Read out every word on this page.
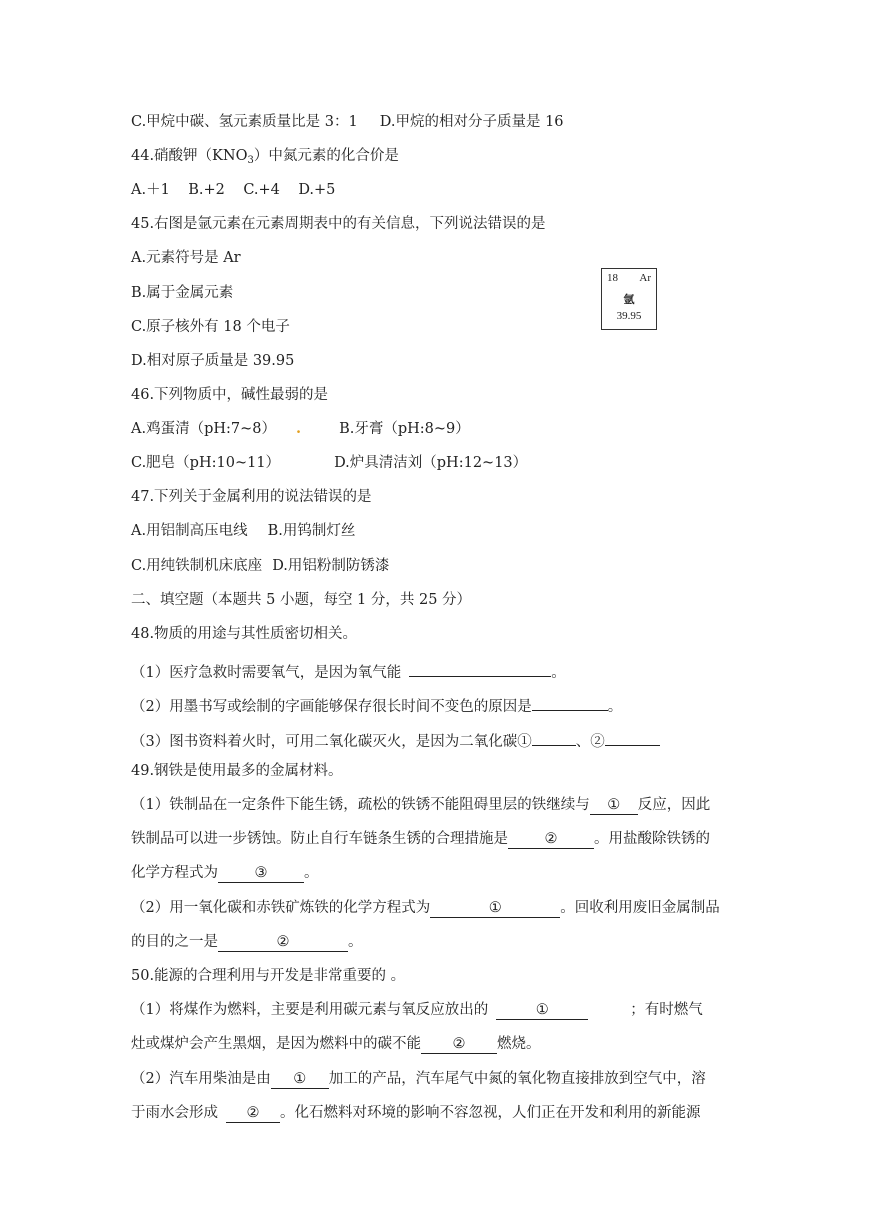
C.甲烷中碳、氢元素质量比是 3：1 D.甲烷的相对分子质量是 16
44.硝酸钾$(KNO_3)$中氮元素的化合价是
A.＋1    B.+2    C.+4    D.+5
45.右图是氩元素在元素周期表中的有关信息，下列说法错误的是
A.元素符号是 Ar
B.属于金属元素
C.原子核外有 18 个电子
D.相对原子质量是 39.95
18 Ar
氩
39.95
46.下列物质中，碱性最弱的是
A.鸡蛋清（pH:7~8） .	B.牙膏（pH:8~9）
C.肥皂（pH:10~11）	D.炉具清洁刘（pH:12~13）
47.下列关于金属利用的说法错误的是
A.用铝制高压电线 B.用钨制灯丝
C.用纯铁制机床底座 D.用铝粉制防锈漆
二、填空题（本题共 5 小题，每空 1 分，共 25 分）
48.物质的用途与其性质密切相关。
（1）医疗急救时需要氧气，是因为氧气能	。
（2）用墨书写或绘制的字画能够保存很长时间不变色的原因是	。
（3）图书资料着火时，可用二氧化碳灭火，是因为二氧化碳①	、②
49.钢铁是使用最多的金属材料。
（1）铁制品在一定条件下能生锈，疏松的铁锈不能阻碍里层的铁继续与 ① 反应，因此
铁制品可以进一步锈蚀。防止自行车链条生锈的合理措施是	②	。用盐酸除铁锈的
化学方程式为	③	。
（2）用一氧化碳和赤铁矿炼铁的化学方程式为	①	。回收利用废旧金属制品
的目的之一是	②	。
50.能源的合理利用与开发是非常重要的 。
（1）将煤作为燃料，主要是利用碳元素与氧反应放出的	①	；有时燃气
灶或煤炉会产生黑烟，是因为燃料中的碳不能 ② 燃烧。
（2）汽车用柴油是由 ① 加工的产品，汽车尾气中氮的氧化物直接排放到空气中，溶
于雨水会形成 ② 。化石燃料对环境的影响不容忽视，人们正在开发和利用的新能源
